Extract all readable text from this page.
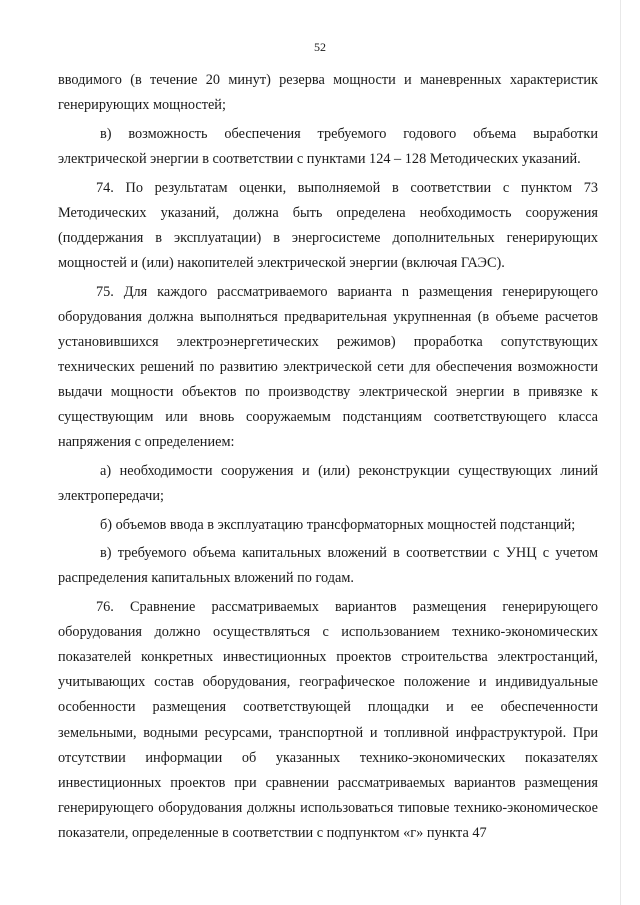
52

вводимого (в течение 20 минут) резерва мощности и маневренных характеристик генерирующих мощностей;

в) возможность обеспечения требуемого годового объема выработки электрической энергии в соответствии с пунктами 124 – 128 Методических указаний.

74. По результатам оценки, выполняемой в соответствии с пунктом 73 Методических указаний, должна быть определена необходимость сооружения (поддержания в эксплуатации) в энергосистеме дополнительных генерирующих мощностей и (или) накопителей электрической энергии (включая ГАЭС).

75. Для каждого рассматриваемого варианта n размещения генерирующего оборудования должна выполняться предварительная укрупненная (в объеме расчетов установившихся электроэнергетических режимов) проработка сопутствующих технических решений по развитию электрической сети для обеспечения возможности выдачи мощности объектов по производству электрической энергии в привязке к существующим или вновь сооружаемым подстанциям соответствующего класса напряжения с определением:

а) необходимости сооружения и (или) реконструкции существующих линий электропередачи;

б) объемов ввода в эксплуатацию трансформаторных мощностей подстанций;

в) требуемого объема капитальных вложений в соответствии с УНЦ с учетом распределения капитальных вложений по годам.

76. Сравнение рассматриваемых вариантов размещения генерирующего оборудования должно осуществляться с использованием технико-экономических показателей конкретных инвестиционных проектов строительства электростанций, учитывающих состав оборудования, географическое положение и индивидуальные особенности размещения соответствующей площадки и ее обеспеченности земельными, водными ресурсами, транспортной и топливной инфраструктурой. При отсутствии информации об указанных технико-экономических показателях инвестиционных проектов при сравнении рассматриваемых вариантов размещения генерирующего оборудования должны использоваться типовые технико-экономическое показатели, определенные в соответствии с подпунктом «г» пункта 47
